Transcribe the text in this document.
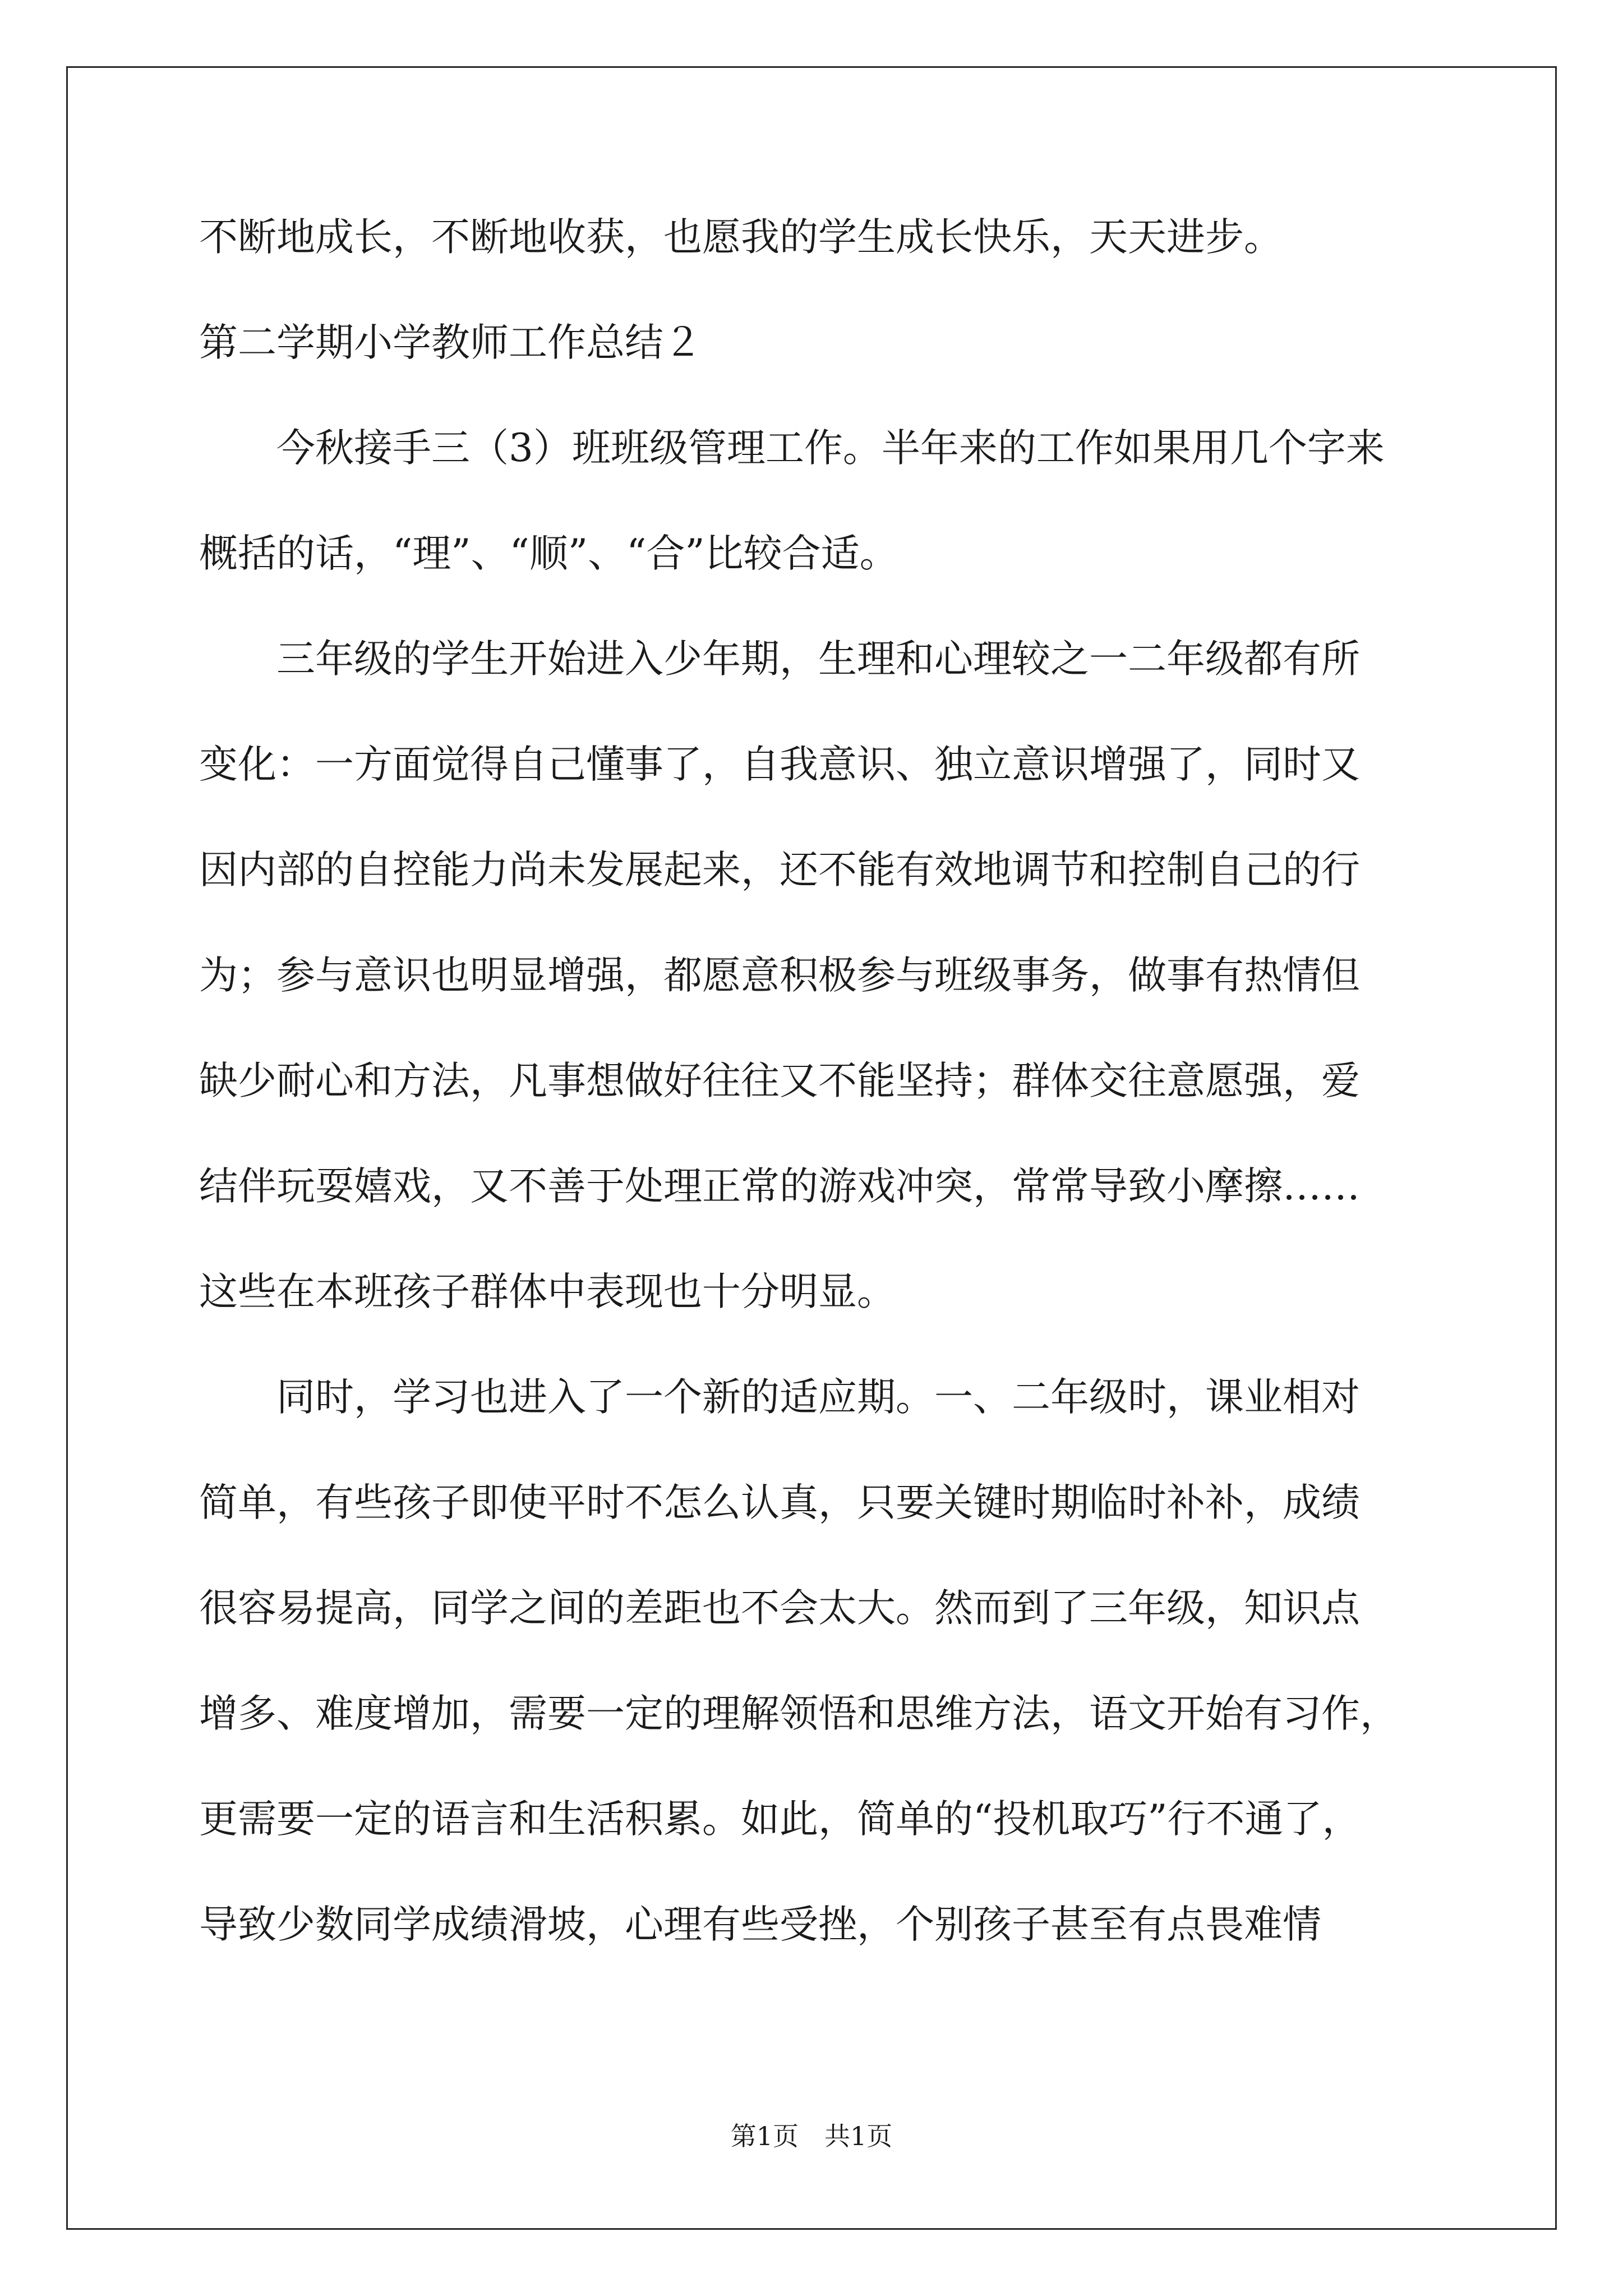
不断地成长，不断地收获，也愿我的学生成长快乐，天天进步。

第二学期小学教师工作总结２

　　今秋接手三（3）班班级管理工作。半年来的工作如果用几个字来

概括的话，“理”、“顺”、“合”比较合适。

　　三年级的学生开始进入少年期，生理和心理较之一二年级都有所

变化：一方面觉得自己懂事了，自我意识、独立意识增强了，同时又

因内部的自控能力尚未发展起来，还不能有效地调节和控制自己的行

为；参与意识也明显增强，都愿意积极参与班级事务，做事有热情但

缺少耐心和方法，凡事想做好往往又不能坚持；群体交往意愿强，爱

结伴玩耍嬉戏，又不善于处理正常的游戏冲突，常常导致小摩擦……

这些在本班孩子群体中表现也十分明显。

　　同时，学习也进入了一个新的适应期。一、二年级时，课业相对

简单，有些孩子即使平时不怎么认真，只要关键时期临时补补，成绩

很容易提高，同学之间的差距也不会太大。然而到了三年级，知识点

增多、难度增加，需要一定的理解领悟和思维方法，语文开始有习作，

更需要一定的语言和生活积累。如此，简单的“投机取巧”行不通了，

导致少数同学成绩滑坡，心理有些受挫，个别孩子甚至有点畏难情

第1页　共1页
